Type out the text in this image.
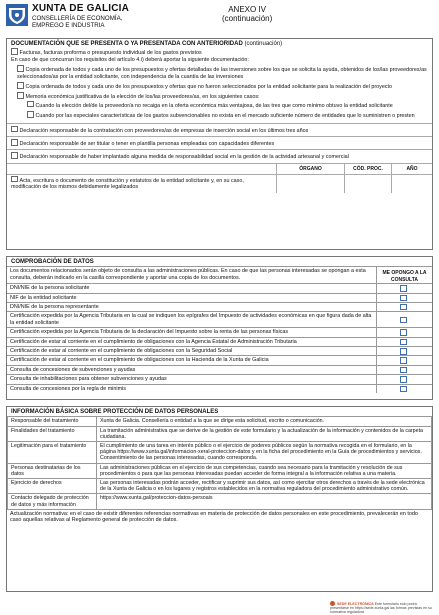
XUNTA DE GALICIA
CONSELLERÍA DE ECONOMÍA,
EMPREGO E INDUSTRIA
ANEXO IV
(continuación)
DOCUMENTACIÓN QUE SE PRESENTA O YA PRESENTADA CON ANTERIORIDAD (continuación)
Facturas, facturas proforma o presupuesto individual de los gastos previstos
En caso de que concurran los requisitos del artículo 4.i) deberá aportar la siguiente documentación:
Copia ordenada de todos y cada uno de los presupuestos y ofertas detalladas de las inversiones sobre los que se solicita la ayuda, obtenidos de los/las proveedores/as seleccionados/as por la entidad solicitante, con independencia de la cuantía de las inversiones
Copia ordenada de todos y cada uno de los presupuestos y ofertas que no fueron seleccionados por la entidad solicitante para la realización del proyecto
Memoria económica justificativa de la elección de los/las proveedores/as, en los siguientes casos:
Cuando la elección del/de la proveedor/a no recaiga en la oferta económica más ventajosa, de las tres que como mínimo obtuvo la entidad solicitante
Cuando por las especiales características de los gastos subvencionables no exista en el mercado suficiente número de entidades que lo suministren o presten
Declaración responsable de la contratación con proveedores/as de empresas de inserción social en los últimos tres años
Declaración responsable de ser titular o tener en plantilla personas empleadas con capacidades diferentes
Declaración responsable de haber implantado alguna medida de responsabilidad social en la gestión de la actividad artesanal y comercial
ÓRGANO	CÓD. PROC.	AÑO
Acta, escritura o documento de constitución y estatutos de la entidad solicitante y, en su caso, modificación de los mismos debidamente legalizados
COMPROBACIÓN DE DATOS
Los documentos relacionados serán objeto de consulta a las administraciones públicas. En caso de que las personas interesadas se opongan a esta consulta, deberán indicarlo en la casilla correspondiente y aportar una copia de los documentos.
ME OPONGO A LA CONSULTA
DNI/NIE de la persona solicitante
NIF de la entidad solicitante
DNI/NIE de la persona representante
Certificación expedida por la Agencia Tributaria en la cual se indiquen los epígrafes del Impuesto de actividades económicas en que figura dada de alta la entidad solicitante
Certificación expedida por la Agencia Tributaria de la declaración del Impuesto sobre la renta de las personas físicas
Certificación de estar al corriente en el cumplimiento de obligaciones con la Agencia Estatal de Administración Tributaria
Certificación de estar al corriente en el cumplimiento de obligaciones con la Seguridad Social
Certificación de estar al corriente en el cumplimiento de obligaciones con la Hacienda de la Xunta de Galicia
Consulta de concesiones de subvenciones y ayudas
Consulta de inhabilitaciones para obtener subvenciones y ayudas
Consulta de concesiones por la regla de minimis
INFORMACIÓN BÁSICA SOBRE PROTECCIÓN DE DATOS PERSONALES
Responsable del tratamiento	Xunta de Galicia. Consellería o entidad a la que se dirige esta solicitud, escrito o comunicación.
Finalidades del tratamiento	La tramitación administrativa que se derive de la gestión de este formulario y la actualización de la información y contenidos de la carpeta ciudadana.
Legitimación para el tratamiento	El cumplimiento de una tarea en interés público o el ejercicio de poderes públicos según la normativa recogida en el formulario, en la página https://www.xunta.gal/informacion-xeral-proteccion-datos y en la ficha del procedimiento en la Guía de procedimientos y servicios. Consentimiento de las personas interesadas, cuando corresponda.
Personas destinatarias de los datos	Las administraciones públicas en el ejercicio de sus competencias, cuando sea necesario para la tramitación y resolución de sus procedimientos o para que las personas interesadas puedan acceder de forma integral a la información relativa a una materia.
Ejercicio de derechos	Las personas interesadas podrán acceder, rectificar y suprimir sus datos, así como ejercitar otros derechos a través de la sede electrónica de la Xunta de Galicia o en los lugares y registros establecidos en la normativa reguladora del procedimiento administrativo común.
Contacto delegado de protección de datos y más información	https://www.xunta.gal/proteccion-datos-persoais
Actualización normativa: en el caso de existir diferentes referencias normativas en materia de protección de datos personales en este procedimiento, prevalecerán en todo caso aquellas relativas al Reglamento general de protección de datos.
SEDE ELECTRÓNICA Este formulario solo podrá presentarse en https://sede.xunta.gal las formas previstas en su normativa reguladora
